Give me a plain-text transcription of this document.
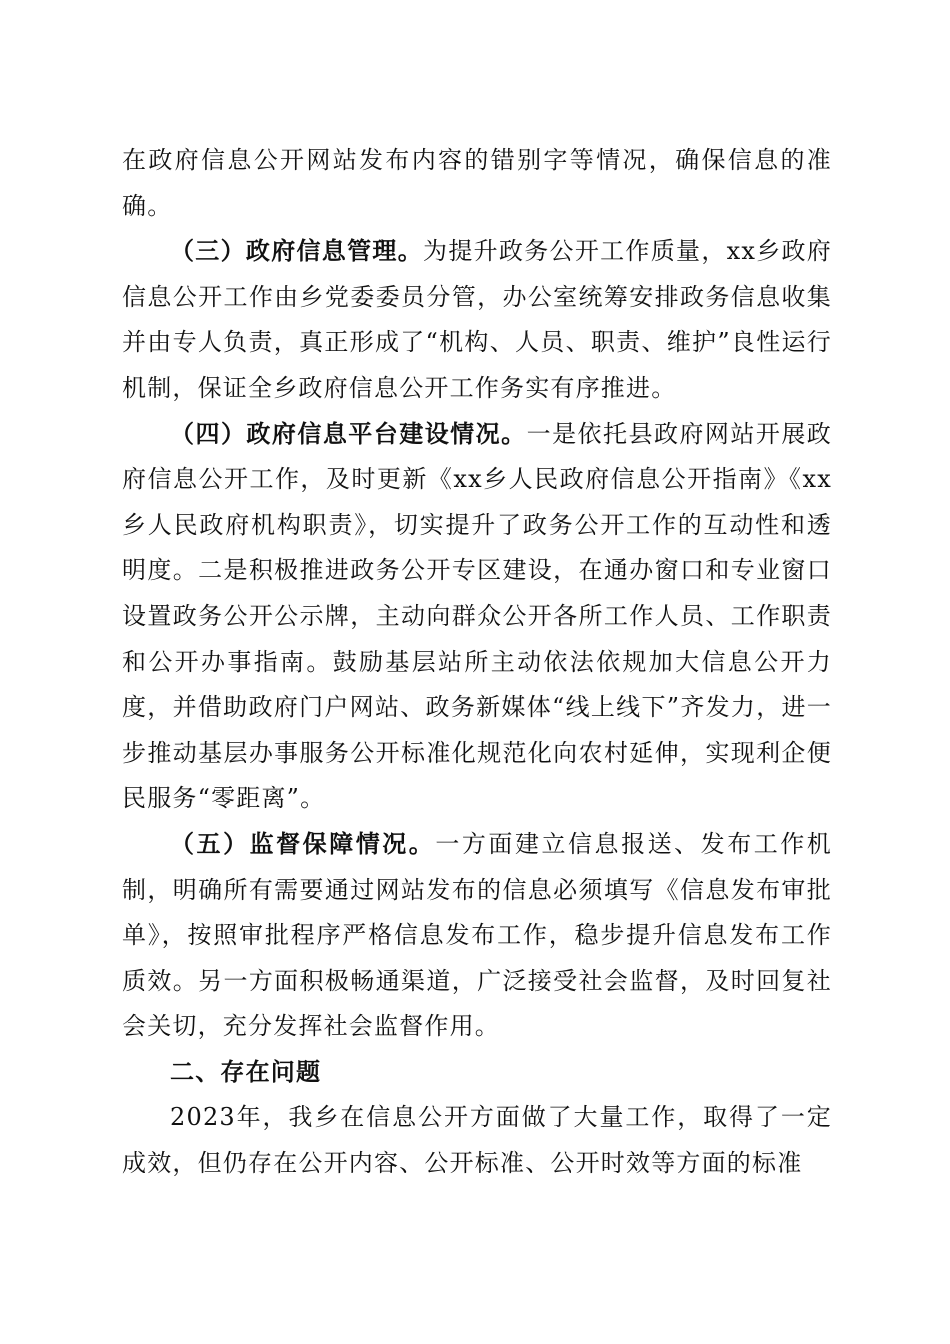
在政府信息公开网站发布内容的错别字等情况，确保信息的准确。

（三）政府信息管理。为提升政务公开工作质量，xx乡政府信息公开工作由乡党委委员分管，办公室统筹安排政务信息收集并由专人负责，真正形成了“机构、人员、职责、维护”良性运行机制，保证全乡政府信息公开工作务实有序推进。

（四）政府信息平台建设情况。一是依托县政府网站开展政府信息公开工作，及时更新《xx乡人民政府信息公开指南》《xx乡人民政府机构职责》，切实提升了政务公开工作的互动性和透明度。二是积极推进政务公开专区建设，在通办窗口和专业窗口设置政务公开公示牌，主动向群众公开各所工作人员、工作职责和公开办事指南。鼓励基层站所主动依法依规加大信息公开力度，并借助政府门户网站、政务新媒体“线上线下”齐发力，进一步推动基层办事服务公开标准化规范化向农村延伸，实现利企便民服务“零距离”。

（五）监督保障情况。一方面建立信息报送、发布工作机制，明确所有需要通过网站发布的信息必须填写《信息发布审批单》，按照审批程序严格信息发布工作，稳步提升信息发布工作质效。另一方面积极畅通渠道，广泛接受社会监督，及时回复社会关切，充分发挥社会监督作用。

二、存在问题

2023年，我乡在信息公开方面做了大量工作，取得了一定成效，但仍存在公开内容、公开标准、公开时效等方面的标准
